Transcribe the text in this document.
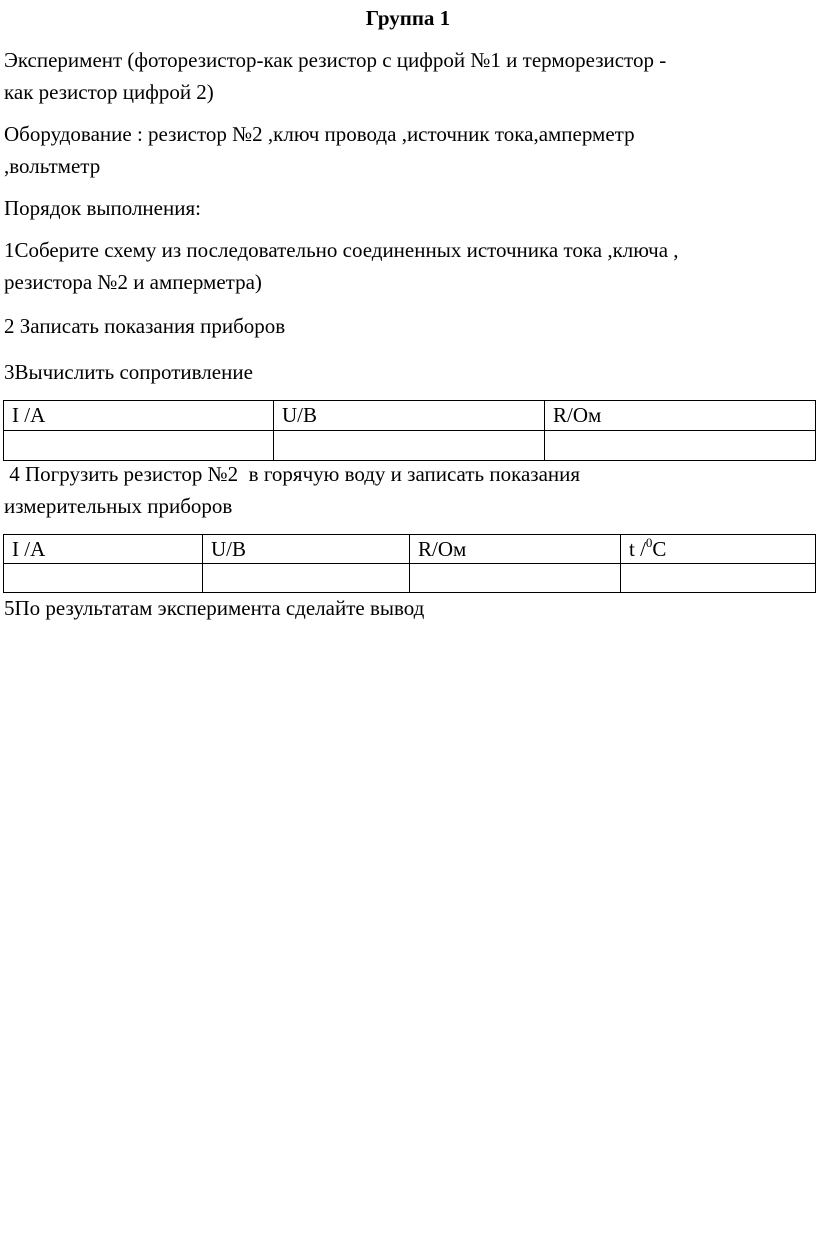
Группа 1

Эксперимент (фоторезистор-как резистор с цифрой №1 и терморезистор -
как резистор цифрой 2)

Оборудование : резистор №2 ,ключ провода ,источник тока,амперметр
,вольтметр

Порядок выполнения:

1Соберите схему из последовательно соединенных источника тока ,ключа ,
резистора №2 и амперметра)

2 Записать показания приборов

3Вычислить сопротивление

I /A	U/B	R/Ом

4 Погрузить резистор №2  в горячую воду и записать показания
измерительных приборов

I /A	U/B	R/Ом	t /$^0$C

5По результатам эксперимента сделайте вывод
